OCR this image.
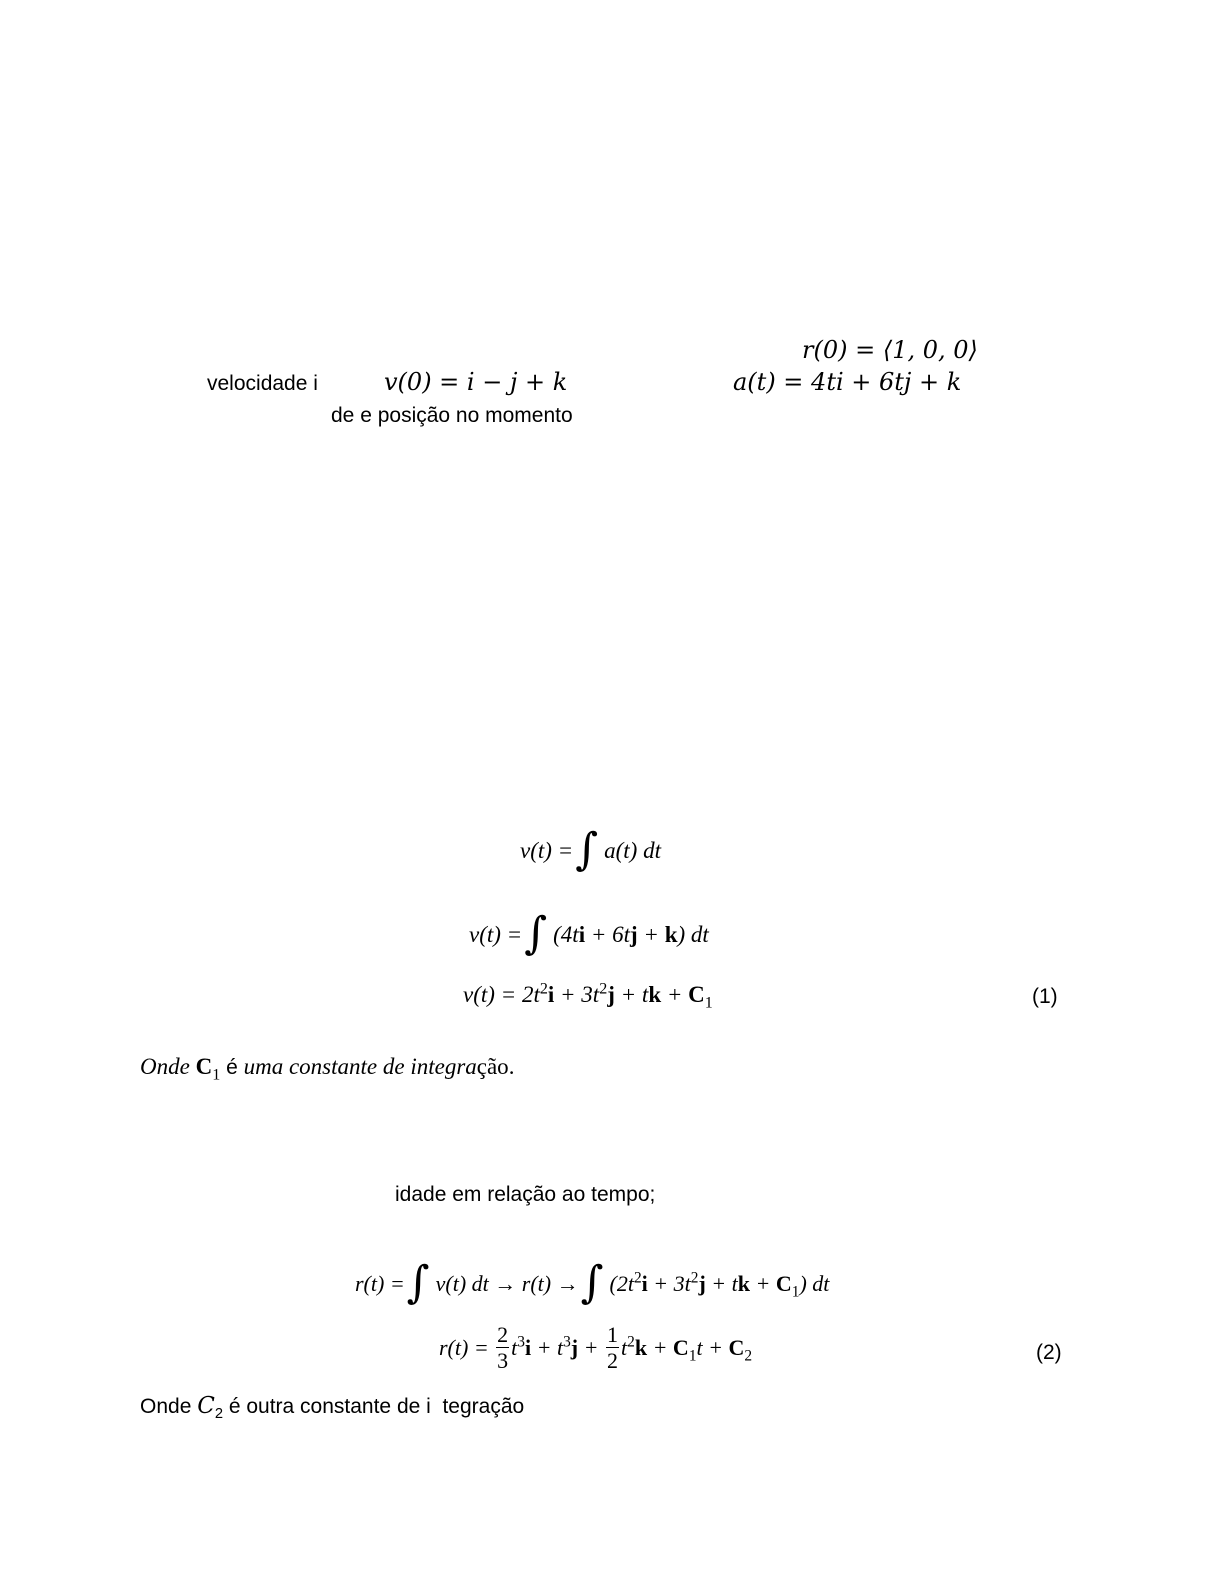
velocidade i	v(0) = i − j + k
r(0) = ⟨1, 0, 0⟩
a(t) = 4ti + 6tj + k
de e posição no momento
v(t) =∫ a(t) dt
v(t) =∫ (4ti + 6tj + k) dt
$v(t) = 2t^2i + 3t^2j$ + tk + $C_1$	(1)
Onde $C_1$ é uma constante de integração.
idade em relação ao tempo;
r(t) =∫ v(t) dt → r(t) →∫ ($2t^2i + 3t^2j$ + tk + $C_1$) dt
$r(t) = \frac{2}{3} t^3i + t^3j + \frac{1}{2} t^2k + C_1t + C_2$	(2)
Onde $C_2$ é outra constante de i  tegração
